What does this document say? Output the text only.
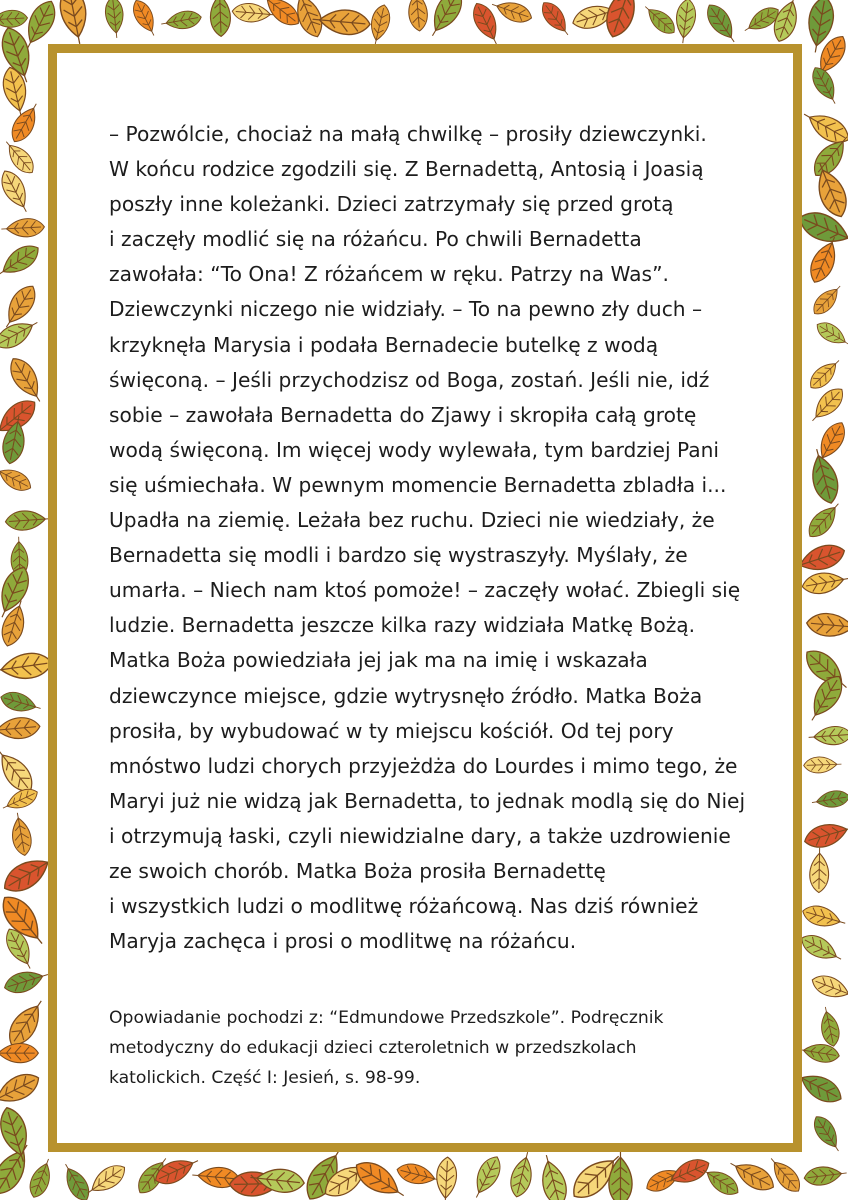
– Pozwólcie, chociaż na małą chwilkę – prosiły dziewczynki.
W końcu rodzice zgodzili się. Z Bernadettą, Antosią i Joasią
poszły inne koleżanki. Dzieci zatrzymały się przed grotą
i zaczęły modlić się na różańcu. Po chwili Bernadetta
zawołała: “To Ona! Z różańcem w ręku. Patrzy na Was”.
Dziewczynki niczego nie widziały. – To na pewno zły duch –
krzyknęła Marysia i podała Bernadecie butelkę z wodą
święconą. – Jeśli przychodzisz od Boga, zostań. Jeśli nie, idź
sobie – zawołała Bernadetta do Zjawy i skropiła całą grotę
wodą święconą. Im więcej wody wylewała, tym bardziej Pani
się uśmiechała. W pewnym momencie Bernadetta zbladła i...
Upadła na ziemię. Leżała bez ruchu. Dzieci nie wiedziały, że
Bernadetta się modli i bardzo się wystraszyły. Myślały, że
umarła. – Niech nam ktoś pomoże! – zaczęły wołać. Zbiegli się
ludzie. Bernadetta jeszcze kilka razy widziała Matkę Bożą.
Matka Boża powiedziała jej jak ma na imię i wskazała
dziewczynce miejsce, gdzie wytrysnęło źródło. Matka Boża
prosiła, by wybudować w ty miejscu kościół. Od tej pory
mnóstwo ludzi chorych przyjeżdża do Lourdes i mimo tego, że
Maryi już nie widzą jak Bernadetta, to jednak modlą się do Niej
i otrzymują łaski, czyli niewidzialne dary, a także uzdrowienie
ze swoich chorób. Matka Boża prosiła Bernadettę
i wszystkich ludzi o modlitwę różańcową. Nas dziś również
Maryja zachęca i prosi o modlitwę na różańcu.
Opowiadanie pochodzi z: “Edmundowe Przedszkole”. Podręcznik
metodyczny do edukacji dzieci czteroletnich w przedszkolach
katolickich. Część I: Jesień, s. 98-99.
